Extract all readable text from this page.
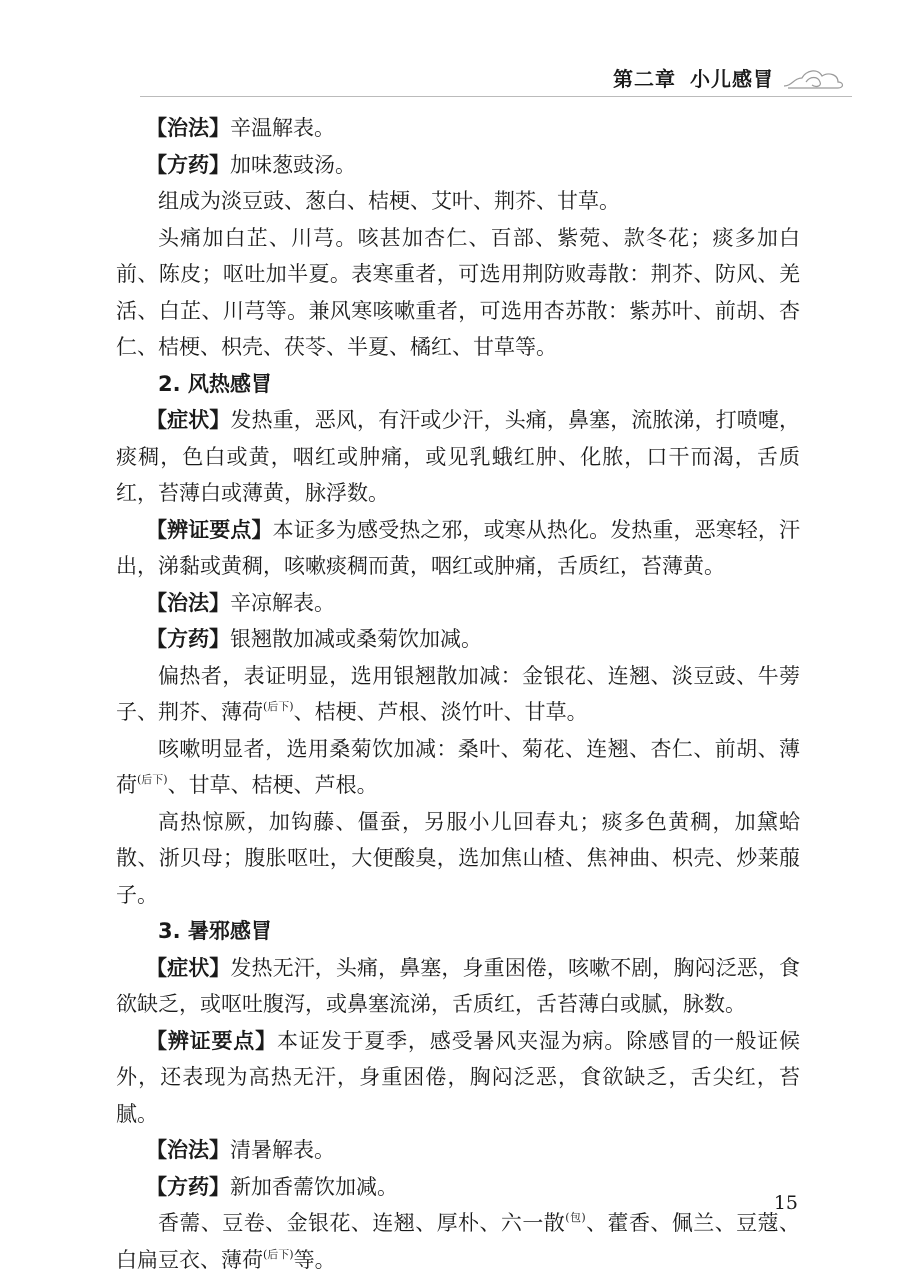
第二章 小儿感冒

【治法】辛温解表。

【方药】加味葱豉汤。

组成为淡豆豉、葱白、桔梗、艾叶、荆芥、甘草。

头痛加白芷、川芎。咳甚加杏仁、百部、紫菀、款冬花；痰多加白前、陈皮；呕吐加半夏。表寒重者，可选用荆防败毒散：荆芥、防风、羌活、白芷、川芎等。兼风寒咳嗽重者，可选用杏苏散：紫苏叶、前胡、杏仁、桔梗、枳壳、茯苓、半夏、橘红、甘草等。

2. 风热感冒

【症状】发热重，恶风，有汗或少汗，头痛，鼻塞，流脓涕，打喷嚏，痰稠，色白或黄，咽红或肿痛，或见乳蛾红肿、化脓，口干而渴，舌质红，苔薄白或薄黄，脉浮数。

【辨证要点】本证多为感受热之邪，或寒从热化。发热重，恶寒轻，汗出，涕黏或黄稠，咳嗽痰稠而黄，咽红或肿痛，舌质红，苔薄黄。

【治法】辛凉解表。

【方药】银翘散加减或桑菊饮加减。

偏热者，表证明显，选用银翘散加减：金银花、连翘、淡豆豉、牛蒡子、荆芥、薄荷$^{(后下)}$、桔梗、芦根、淡竹叶、甘草。

咳嗽明显者，选用桑菊饮加减：桑叶、菊花、连翘、杏仁、前胡、薄荷$^{(后下)}$、甘草、桔梗、芦根。

高热惊厥，加钩藤、僵蚕，另服小儿回春丸；痰多色黄稠，加黛蛤散、浙贝母；腹胀呕吐，大便酸臭，选加焦山楂、焦神曲、枳壳、炒莱菔子。

3. 暑邪感冒

【症状】发热无汗，头痛，鼻塞，身重困倦，咳嗽不剧，胸闷泛恶，食欲缺乏，或呕吐腹泻，或鼻塞流涕，舌质红，舌苔薄白或腻，脉数。

【辨证要点】本证发于夏季，感受暑风夹湿为病。除感冒的一般证候外，还表现为高热无汗，身重困倦，胸闷泛恶，食欲缺乏，舌尖红，苔腻。

【治法】清暑解表。

【方药】新加香薷饮加减。

香薷、豆卷、金银花、连翘、厚朴、六一散$^{(包)}$、藿香、佩兰、豆蔻、白扁豆衣、薄荷$^{(后下)}$等。

15
